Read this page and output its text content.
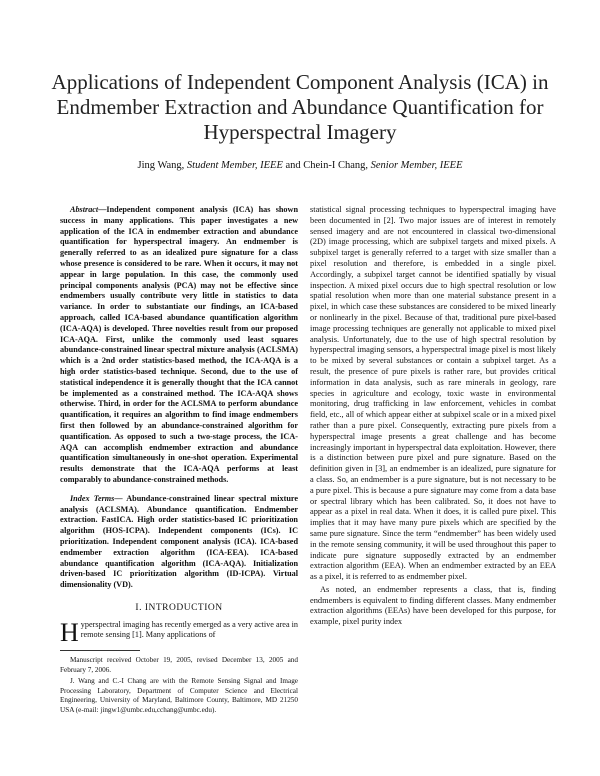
Applications of Independent Component Analysis (ICA) in Endmember Extraction and Abundance Quantification for Hyperspectral Imagery
Jing Wang, Student Member, IEEE and Chein-I Chang, Senior Member, IEEE

Abstract—Independent component analysis (ICA) has shown success in many applications. This paper investigates a new application of the ICA in endmember extraction and abundance quantification for hyperspectral imagery. An endmember is generally referred to as an idealized pure signature for a class whose presence is considered to be rare. When it occurs, it may not appear in large population. In this case, the commonly used principal components analysis (PCA) may not be effective since endmembers usually contribute very little in statistics to data variance. In order to substantiate our findings, an ICA-based approach, called ICA-based abundance quantification algorithm (ICA-AQA) is developed. Three novelties result from our proposed ICA-AQA. First, unlike the commonly used least squares abundance-constrained linear spectral mixture analysis (ACLSMA) which is a 2nd order statistics-based method, the ICA-AQA is a high order statistics-based technique. Second, due to the use of statistical independence it is generally thought that the ICA cannot be implemented as a constrained method. The ICA-AQA shows otherwise. Third, in order for the ACLSMA to perform abundance quantification, it requires an algorithm to find image endmembers first then followed by an abundance-constrained algorithm for quantification. As opposed to such a two-stage process, the ICA-AQA can accomplish endmember extraction and abundance quantification simultaneously in one-shot operation. Experimental results demonstrate that the ICA-AQA performs at least comparably to abundance-constrained methods.

Index Terms— Abundance-constrained linear spectral mixture analysis (ACLSMA). Abundance quantification. Endmember extraction. FastICA. High order statistics-based IC prioritization algorithm (HOS-ICPA). Independent components (ICs). IC prioritization. Independent component analysis (ICA). ICA-based endmember extraction algorithm (ICA-EEA). ICA-based abundance quantification algorithm (ICA-AQA). Initialization driven-based IC prioritization algorithm (ID-ICPA). Virtual dimensionality (VD).

I. INTRODUCTION

Hyperspectral imaging has recently emerged as a very active area in remote sensing [1]. Many applications of

Manuscript received October 19, 2005, revised December 13, 2005 and February 7, 2006.

J. Wang and C.-I Chang are with the Remote Sensing Signal and Image Processing Laboratory, Department of Computer Science and Electrical Engineering, University of Maryland, Baltimore County, Baltimore, MD 21250 USA (e-mail: jingw1@umbc.edu,cchang@umbc.edu).

statistical signal processing techniques to hyperspectral imaging have been documented in [2]. Two major issues are of interest in remotely sensed imagery and are not encountered in classical two-dimensional (2D) image processing, which are subpixel targets and mixed pixels. A subpixel target is generally referred to a target with size smaller than a pixel resolution and therefore, is embedded in a single pixel. Accordingly, a subpixel target cannot be identified spatially by visual inspection. A mixed pixel occurs due to high spectral resolution or low spatial resolution when more than one material substance present in a pixel, in which case these substances are considered to be mixed linearly or nonlinearly in the pixel. Because of that, traditional pure pixel-based image processing techniques are generally not applicable to mixed pixel analysis. Unfortunately, due to the use of high spectral resolution by hyperspectral imaging sensors, a hyperspectral image pixel is most likely to be mixed by several substances or contain a subpixel target. As a result, the presence of pure pixels is rather rare, but provides critical information in data analysis, such as rare minerals in geology, rare species in agriculture and ecology, toxic waste in environmental monitoring, drug trafficking in law enforcement, vehicles in combat field, etc., all of which appear either at subpixel scale or in a mixed pixel rather than a pure pixel. Consequently, extracting pure pixels from a hyperspectral image presents a great challenge and has become increasingly important in hyperspectral data exploitation. However, there is a distinction between pure pixel and pure signature. Based on the definition given in [3], an endmember is an idealized, pure signature for a class. So, an endmember is a pure signature, but is not necessary to be a pure pixel. This is because a pure signature may come from a data base or spectral library which has been calibrated. So, it does not have to appear as a pixel in real data. When it does, it is called pure pixel. This implies that it may have many pure pixels which are specified by the same pure signature. Since the term “endmember” has been widely used in the remote sensing community, it will be used throughout this paper to indicate pure signature supposedly extracted by an endmember extraction algorithm (EEA). When an endmember extracted by an EEA as a pixel, it is referred to as endmember pixel.

As noted, an endmember represents a class, that is, finding endmembers is equivalent to finding different classes. Many endmember extraction algorithms (EEAs) have been developed for this purpose, for example, pixel purity index
